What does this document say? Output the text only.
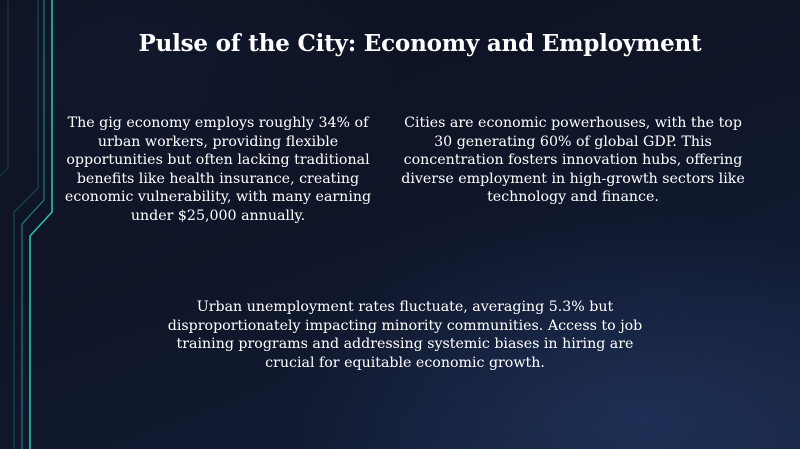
Pulse of the City: Economy and Employment
The gig economy employs roughly 34% of urban workers, providing flexible opportunities but often lacking traditional benefits like health insurance, creating economic vulnerability, with many earning under $25,000 annually.
Cities are economic powerhouses, with the top 30 generating 60% of global GDP. This concentration fosters innovation hubs, offering diverse employment in high-growth sectors like technology and finance.
Urban unemployment rates fluctuate, averaging 5.3% but disproportionately impacting minority communities. Access to job training programs and addressing systemic biases in hiring are crucial for equitable economic growth.
